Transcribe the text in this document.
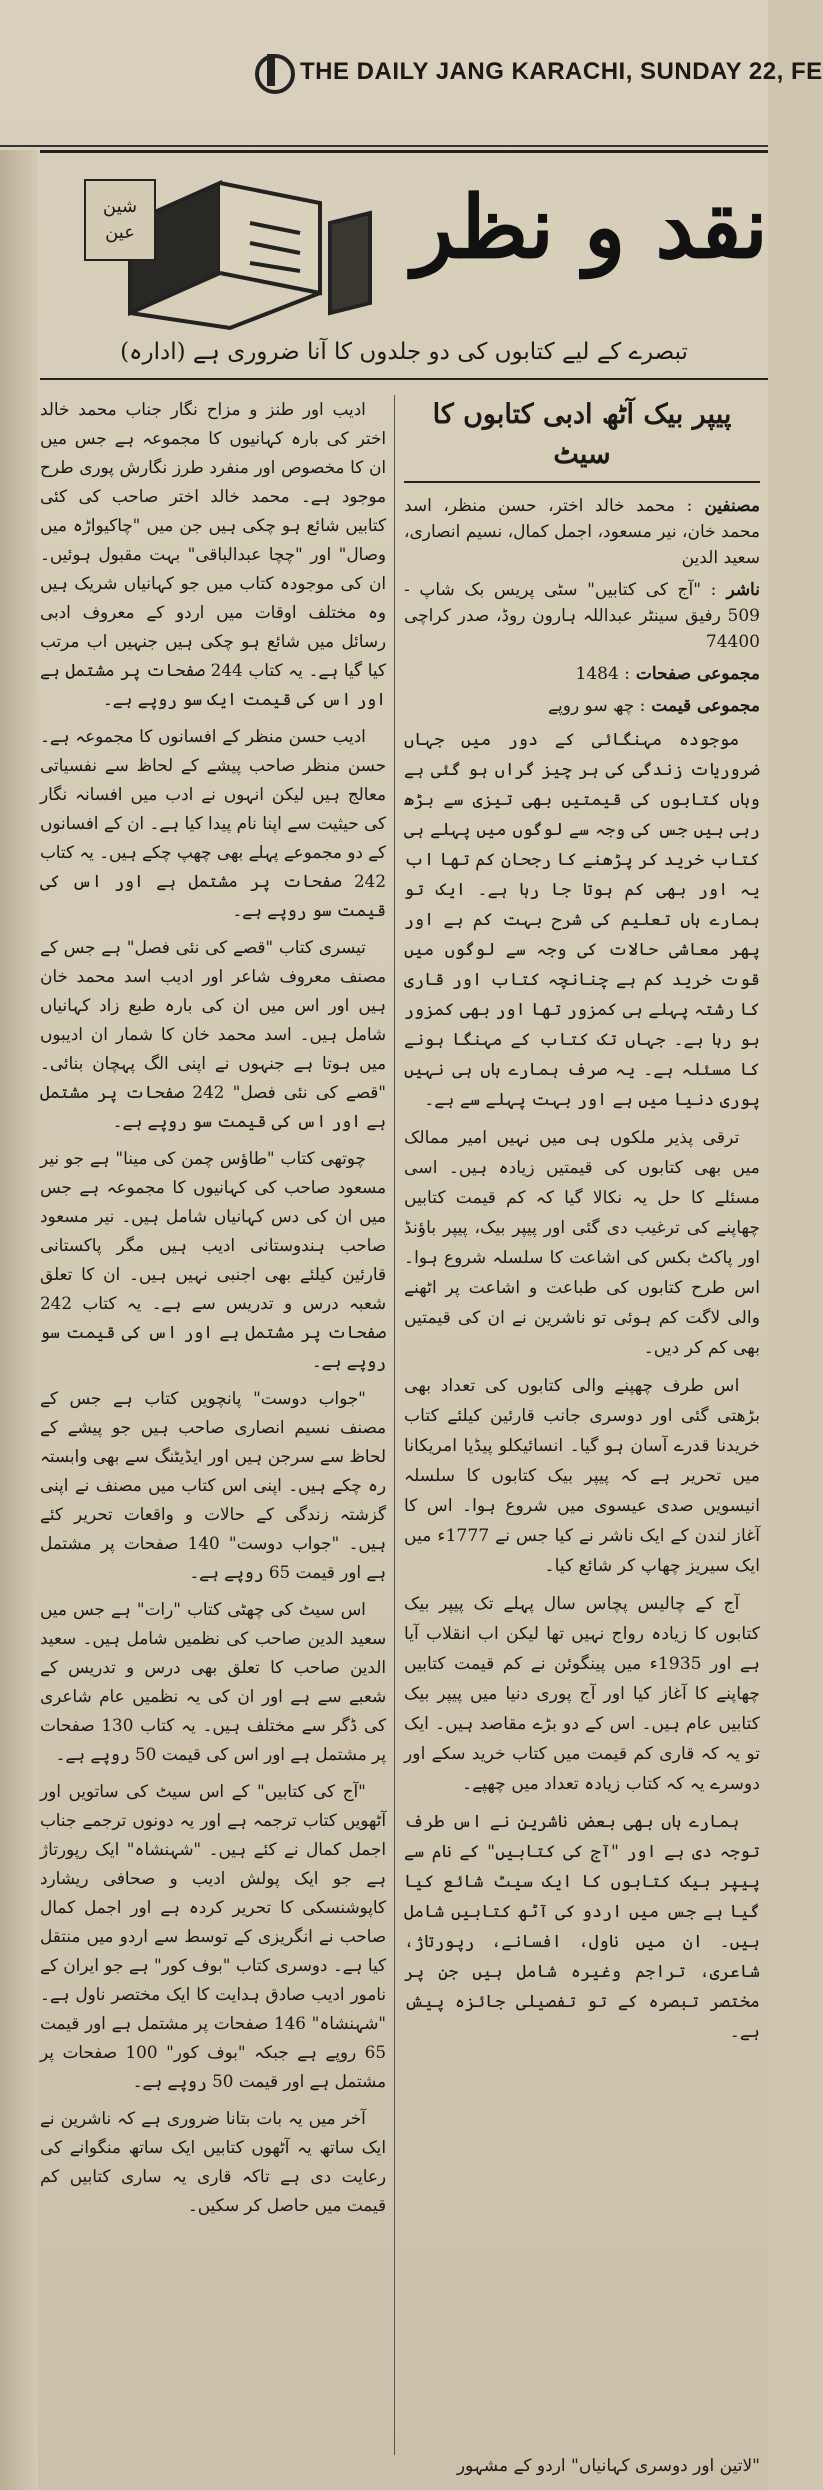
THE DAILY JANG KARACHI, SUNDAY 22, FE
شین
عین	نقد و نظر
تبصرے کے لیے کتابوں کی دو جلدوں کا آنا ضروری ہے (ادارہ)
پیپر بیک آٹھ ادبی کتابوں کا سیٹ
مصنفین : محمد خالد اختر، حسن منظر، اسد محمد خان، نیر مسعود، اجمل کمال، نسیم انصاری، سعید الدین
ناشر : "آج کی کتابیں" سٹی پریس بک شاپ - 509 رفیق سینٹر عبداللہ ہارون روڈ، صدر کراچی 74400
مجموعی صفحات : 1484
مجموعی قیمت : چھ سو روپے

موجودہ مہنگائی کے دور میں جہاں ضروریات زندگی کی ہر چیز گراں ہو گئی ہے وہاں کتابوں کی قیمتیں بھی تیزی سے بڑھ رہی ہیں جس کی وجہ سے لوگوں میں پہلے ہی کتاب خرید کر پڑھنے کا رجحان کم تھا اب یہ اور بھی کم ہوتا جا رہا ہے۔ ایک تو ہمارے ہاں تعلیم کی شرح بہت کم ہے اور پھر معاشی حالات کی وجہ سے لوگوں میں قوت خرید کم ہے چنانچہ کتاب اور قاری کا رشتہ پہلے ہی کمزور تھا اور بھی کمزور ہو رہا ہے۔ جہاں تک کتاب کے مہنگا ہونے کا مسئلہ ہے۔ یہ صرف ہمارے ہاں ہی نہیں پوری دنیا میں ہے اور بہت پہلے سے ہے۔

ترقی پذیر ملکوں ہی میں نہیں امیر ممالک میں بھی کتابوں کی قیمتیں زیادہ ہیں۔ اسی مسئلے کا حل یہ نکالا گیا کہ کم قیمت کتابیں چھاپنے کی ترغیب دی گئی اور پیپر بیک، پیپر باؤنڈ اور پاکٹ بکس کی اشاعت کا سلسلہ شروع ہوا۔ اس طرح کتابوں کی طباعت و اشاعت پر اٹھنے والی لاگت کم ہوئی تو ناشرین نے ان کی قیمتیں بھی کم کر دیں۔

اس طرف چھپنے والی کتابوں کی تعداد بھی بڑھتی گئی اور دوسری جانب قارئین کیلئے کتاب خریدنا قدرے آسان ہو گیا۔ انسائیکلو پیڈیا امریکانا میں تحریر ہے کہ پیپر بیک کتابوں کا سلسلہ انیسویں صدی عیسوی میں شروع ہوا۔ اس کا آغاز لندن کے ایک ناشر نے کیا جس نے 1777ء میں ایک سیریز چھاپ کر شائع کیا۔

آج کے چالیس پچاس سال پہلے تک پیپر بیک کتابوں کا زیادہ رواج نہیں تھا لیکن اب انقلاب آیا ہے اور 1935ء میں پینگوئن نے کم قیمت کتابیں چھاپنے کا آغاز کیا اور آج پوری دنیا میں پیپر بیک کتابیں عام ہیں۔ اس کے دو بڑے مقاصد ہیں۔ ایک تو یہ کہ قاری کم قیمت میں کتاب خرید سکے اور دوسرے یہ کہ کتاب زیادہ تعداد میں چھپے۔

ہمارے ہاں بھی بعض ناشرین نے اس طرف توجہ دی ہے اور "آج کی کتابیں" کے نام سے پیپر بیک کتابوں کا ایک سیٹ شائع کیا گیا ہے جس میں اردو کی آٹھ کتابیں شامل ہیں۔ ان میں ناول، افسانے، رپورتاژ، شاعری، تراجم وغیرہ شامل ہیں جن پر مختصر تبصرہ کے تو تفصیلی جائزہ پیش ہے۔

ادیب اور طنز و مزاح نگار جناب محمد خالد اختر کی بارہ کہانیوں کا مجموعہ ہے جس میں ان کا مخصوص اور منفرد طرز نگارش پوری طرح موجود ہے۔ محمد خالد اختر صاحب کی کئی کتابیں شائع ہو چکی ہیں جن میں "چاکیواڑہ میں وصال" اور "چچا عبدالباقی" بہت مقبول ہوئیں۔ ان کی موجودہ کتاب میں جو کہانیاں شریک ہیں وہ مختلف اوقات میں اردو کے معروف ادبی رسائل میں شائع ہو چکی ہیں جنہیں اب مرتب کیا گیا ہے۔ یہ کتاب 244 صفحات پر مشتمل ہے اور اس کی قیمت ایک سو روپے ہے۔

ادیب حسن منظر کے افسانوں کا مجموعہ ہے۔ حسن منظر صاحب پیشے کے لحاظ سے نفسیاتی معالج ہیں لیکن انہوں نے ادب میں افسانہ نگار کی حیثیت سے اپنا نام پیدا کیا ہے۔ ان کے افسانوں کے دو مجموعے پہلے بھی چھپ چکے ہیں۔ یہ کتاب 242 صفحات پر مشتمل ہے اور اس کی قیمت سو روپے ہے۔

تیسری کتاب "قصے کی نئی فصل" ہے جس کے مصنف معروف شاعر اور ادیب اسد محمد خان ہیں اور اس میں ان کی بارہ طبع زاد کہانیاں شامل ہیں۔ اسد محمد خان کا شمار ان ادیبوں میں ہوتا ہے جنہوں نے اپنی الگ پہچان بنائی۔ "قصے کی نئی فصل" 242 صفحات پر مشتمل ہے اور اس کی قیمت سو روپے ہے۔

چوتھی کتاب "طاؤس چمن کی مینا" ہے جو نیر مسعود صاحب کی کہانیوں کا مجموعہ ہے جس میں ان کی دس کہانیاں شامل ہیں۔ نیر مسعود صاحب ہندوستانی ادیب ہیں مگر پاکستانی قارئین کیلئے بھی اجنبی نہیں ہیں۔ ان کا تعلق شعبہ درس و تدریس سے ہے۔ یہ کتاب 242 صفحات پر مشتمل ہے اور اس کی قیمت سو روپے ہے۔

"جواب دوست" پانچویں کتاب ہے جس کے مصنف نسیم انصاری صاحب ہیں جو پیشے کے لحاظ سے سرجن ہیں اور ایڈیٹنگ سے بھی وابستہ رہ چکے ہیں۔ اپنی اس کتاب میں مصنف نے اپنی گزشتہ زندگی کے حالات و واقعات تحریر کئے ہیں۔ "جواب دوست" 140 صفحات پر مشتمل ہے اور قیمت 65 روپے ہے۔

اس سیٹ کی چھٹی کتاب "رات" ہے جس میں سعید الدین صاحب کی نظمیں شامل ہیں۔ سعید الدین صاحب کا تعلق بھی درس و تدریس کے شعبے سے ہے اور ان کی یہ نظمیں عام شاعری کی ڈگر سے مختلف ہیں۔ یہ کتاب 130 صفحات پر مشتمل ہے اور اس کی قیمت 50 روپے ہے۔

"آج کی کتابیں" کے اس سیٹ کی ساتویں اور آٹھویں کتاب ترجمہ ہے اور یہ دونوں ترجمے جناب اجمل کمال نے کئے ہیں۔ "شہنشاہ" ایک رپورتاژ ہے جو ایک پولش ادیب و صحافی ریشارد کاپوشنسکی کا تحریر کردہ ہے اور اجمل کمال صاحب نے انگریزی کے توسط سے اردو میں منتقل کیا ہے۔ دوسری کتاب "بوف کور" ہے جو ایران کے نامور ادیب صادق ہدایت کا ایک مختصر ناول ہے۔ "شہنشاہ" 146 صفحات پر مشتمل ہے اور قیمت 65 روپے ہے جبکہ "بوف کور" 100 صفحات پر مشتمل ہے اور قیمت 50 روپے ہے۔

آخر میں یہ بات بتانا ضروری ہے کہ ناشرین نے ایک ساتھ یہ آٹھوں کتابیں ایک ساتھ منگوانے کی رعایت دی ہے تاکہ قاری یہ ساری کتابیں کم قیمت میں حاصل کر سکیں۔

"لاتین اور دوسری کہانیاں" اردو کے مشہور
